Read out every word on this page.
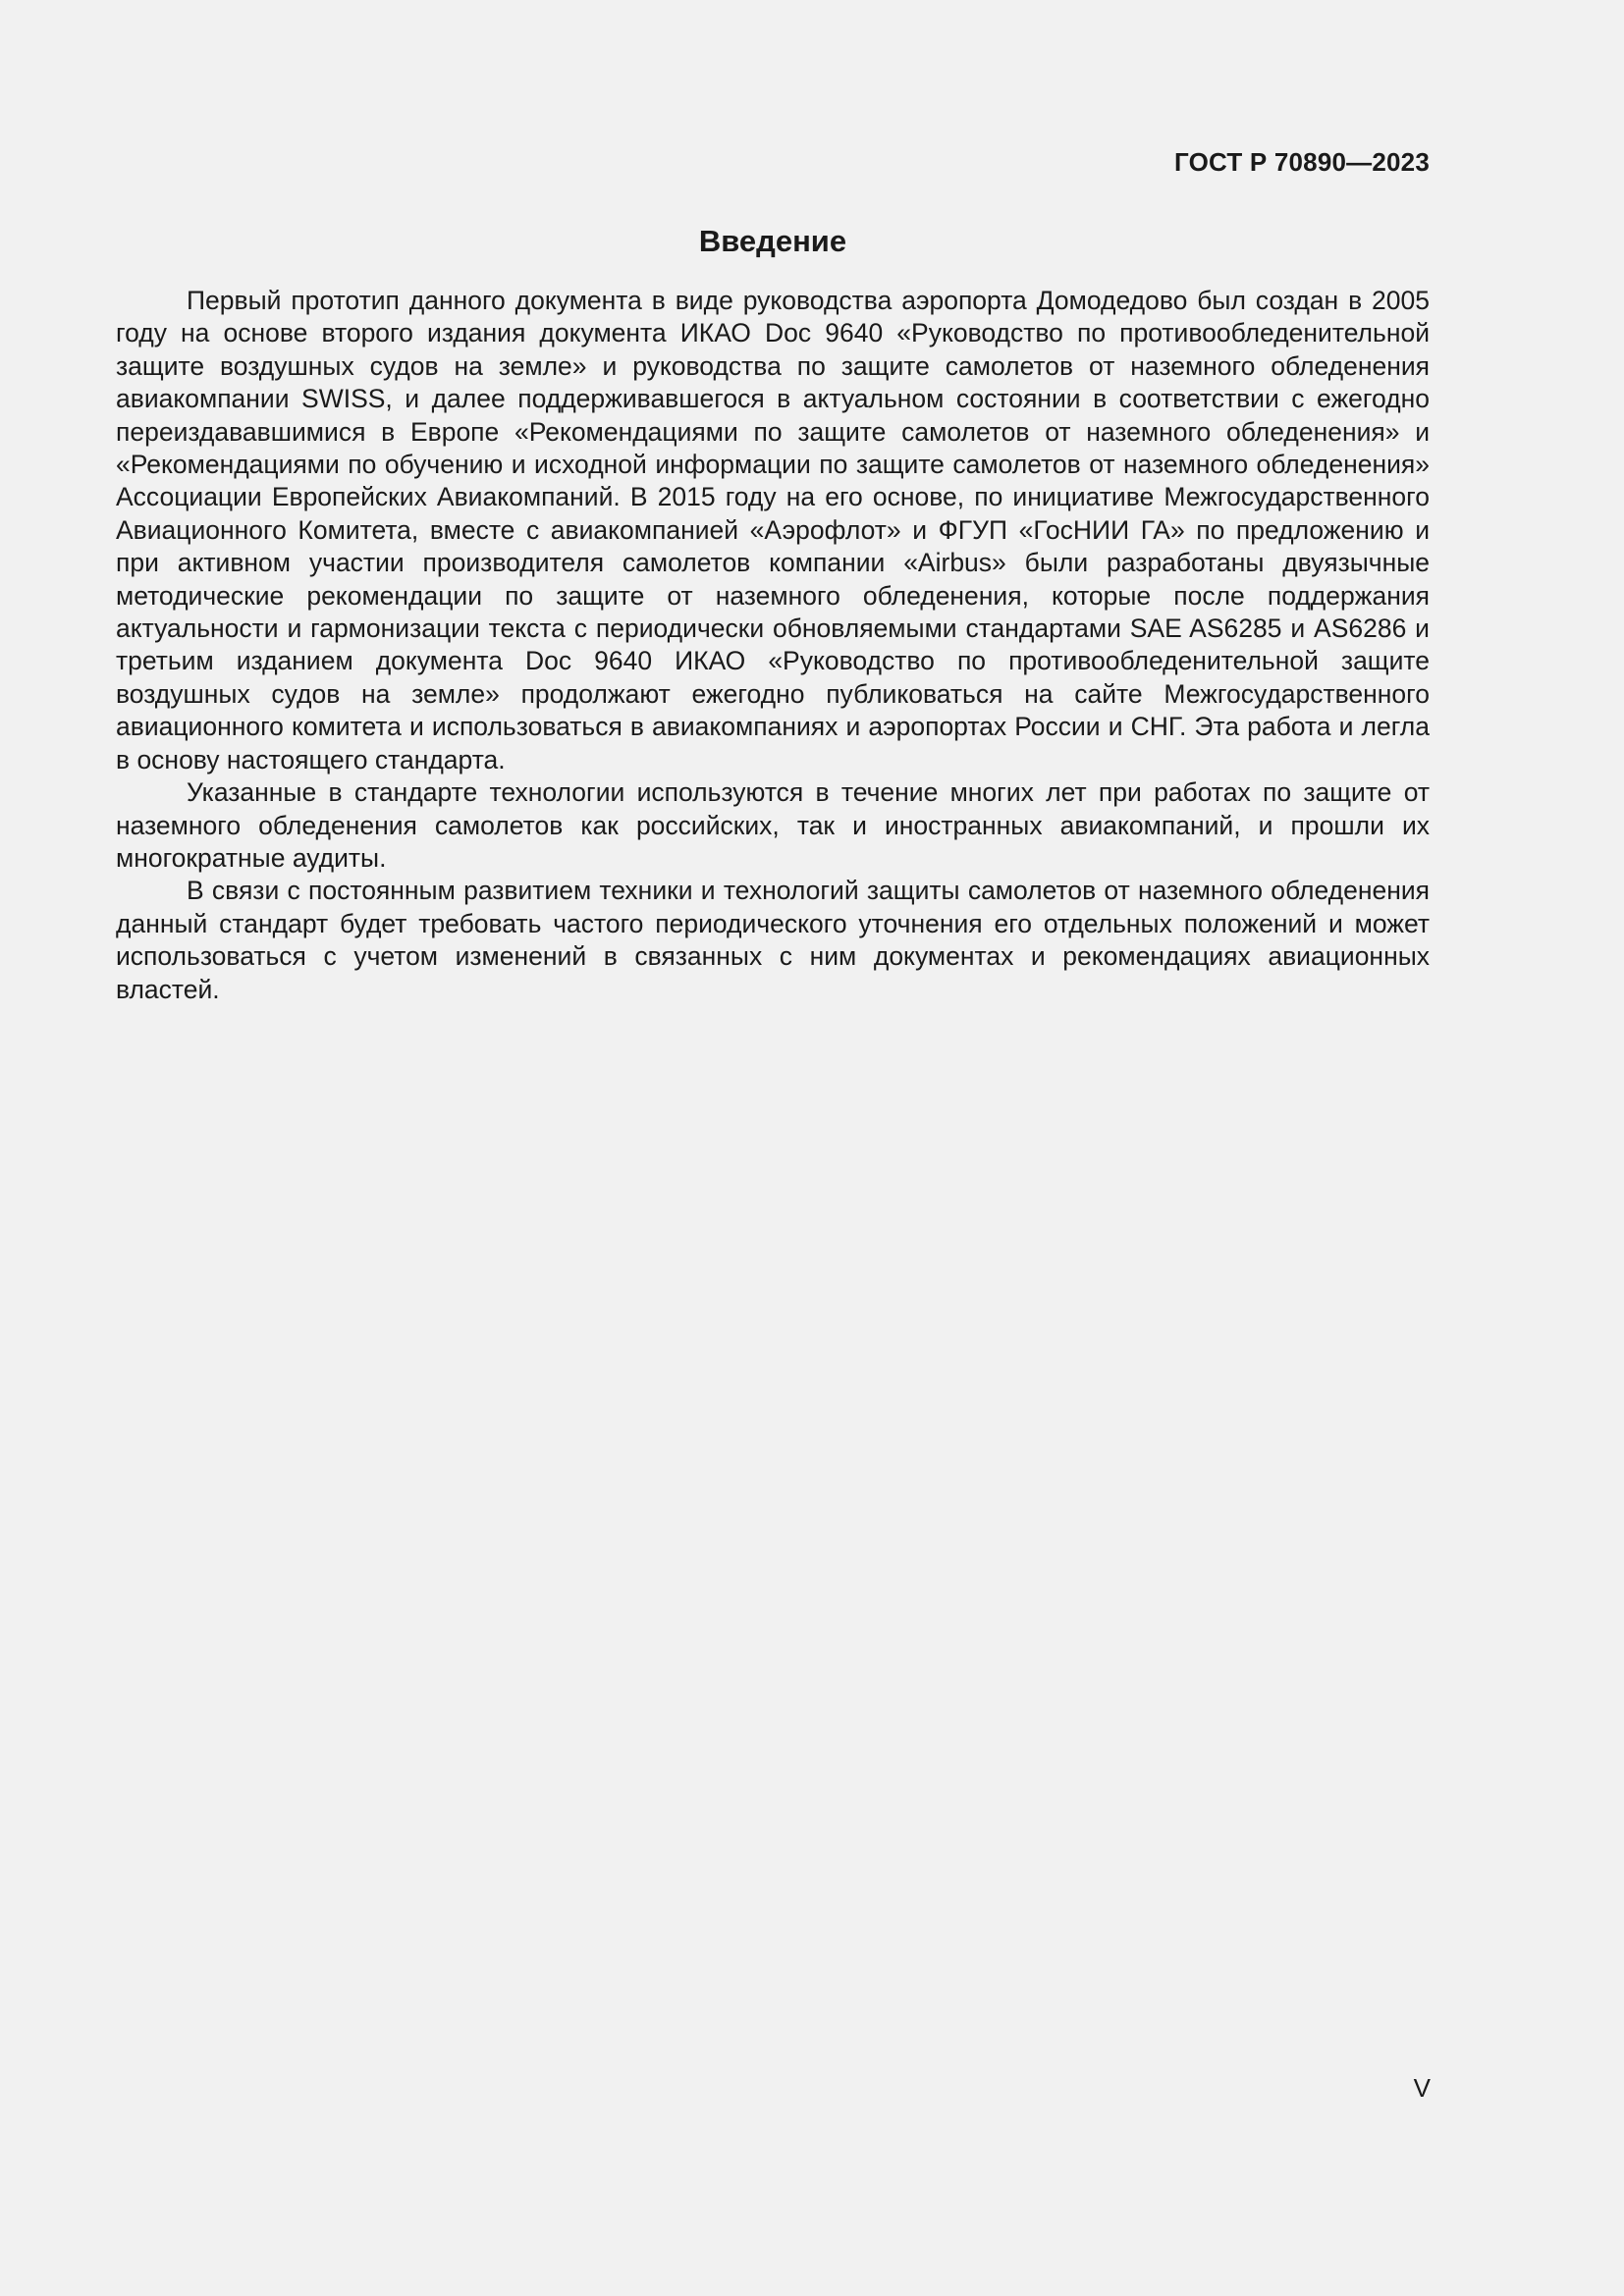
ГОСТ Р 70890—2023
Введение

Первый прототип данного документа в виде руководства аэропорта Домодедово был создан в 2005 году на основе второго издания документа ИКАО Doc 9640 «Руководство по противообледенительной защите воздушных судов на земле» и руководства по защите самолетов от наземного обледенения авиакомпании SWISS, и далее поддерживавшегося в актуальном состоянии в соответствии с ежегодно переиздававшимися в Европе «Рекомендациями по защите самолетов от наземного обледенения» и «Рекомендациями по обучению и исходной информации по защите самолетов от наземного обледенения» Ассоциации Европейских Авиакомпаний. В 2015 году на его основе, по инициативе Межгосударственного Авиационного Комитета, вместе с авиакомпанией «Аэрофлот» и ФГУП «ГосНИИ ГА» по предложению и при активном участии производителя самолетов компании «Airbus» были разработаны двуязычные методические рекомендации по защите от наземного обледенения, которые после поддержания актуальности и гармонизации текста с периодически обновляемыми стандартами SAE AS6285 и AS6286 и третьим изданием документа Doc 9640 ИКАО «Руководство по противообледенительной защите воздушных судов на земле» продолжают ежегодно публиковаться на сайте Межгосударственного авиационного комитета и использоваться в авиакомпаниях и аэропортах России и СНГ. Эта работа и легла в основу настоящего стандарта.

Указанные в стандарте технологии используются в течение многих лет при работах по защите от наземного обледенения самолетов как российских, так и иностранных авиакомпаний, и прошли их многократные аудиты.

В связи с постоянным развитием техники и технологий защиты самолетов от наземного обледенения данный стандарт будет требовать частого периодического уточнения его отдельных положений и может использоваться с учетом изменений в связанных с ним документах и рекомендациях авиационных властей.

V
